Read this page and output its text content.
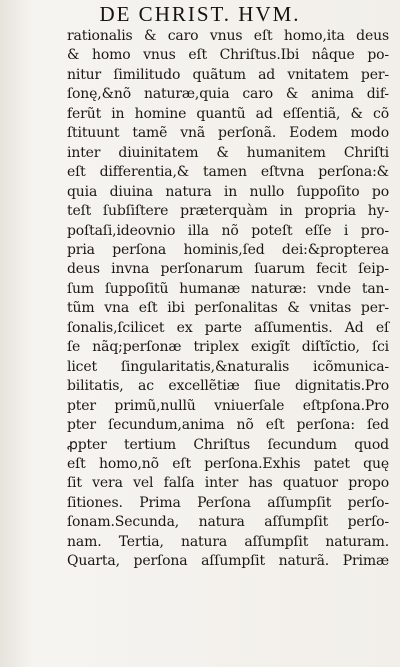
DE CHRIST. HVM.
rationalis & caro vnus eſt homo,ita deus
& homo vnus eſt Chriſtus.Ibi nâque po-
nitur ſimilitudo quãtum ad vnitatem per-
ſonę,&nõ naturæ,quia caro & anima dif-
ferũt in homine quantũ ad eſſentiã, & cõ
ſtituunt tamẽ vnã perſonã. Eodem modo
inter diuinitatem & humanitem Chriſti
eſt differentia,& tamen eſtvna perſona:&
quia diuina natura in nullo ſuppoſito po
teſt ſubſiſtere præterquàm in propria hy-
poſtaſi,ideovnio illa nõ poteſt eſſe i pro-
pria perſona hominis,ſed dei:&propterea
deus invna perſonarum ſuarum fecit ſeip-
ſum ſuppoſitũ humanæ naturæ: vnde tan-
tũm vna eſt ibi perſonalitas & vnitas per-
ſonalis,ſcilicet ex parte aſſumentis. Ad eſ
ſe nãq;perſonæ triplex exigĩt diſtĩctio, ſci
licet ſingularitatis,&naturalis icõmunica-
bilitatis, ac excellẽtiæ ſiue dignitatis.Pro
pter primũ,nullũ vniuerſale eſtpſona.Pro
pter ſecundum,anima nõ eſt perſona: ſed
ꝓpter tertium Chriſtus ſecundum quod
eſt homo,nõ eſt perſona.Exhis patet quę
ſit vera vel falſa inter has quatuor propo
ſitiones. Prima Perſona aſſumpſit perſo-
ſonam.Secunda, natura aſſumpſit perſo-
nam. Tertia, natura aſſumpſit naturam.
Quarta, perſona aſſumpſit naturã. Primæ
